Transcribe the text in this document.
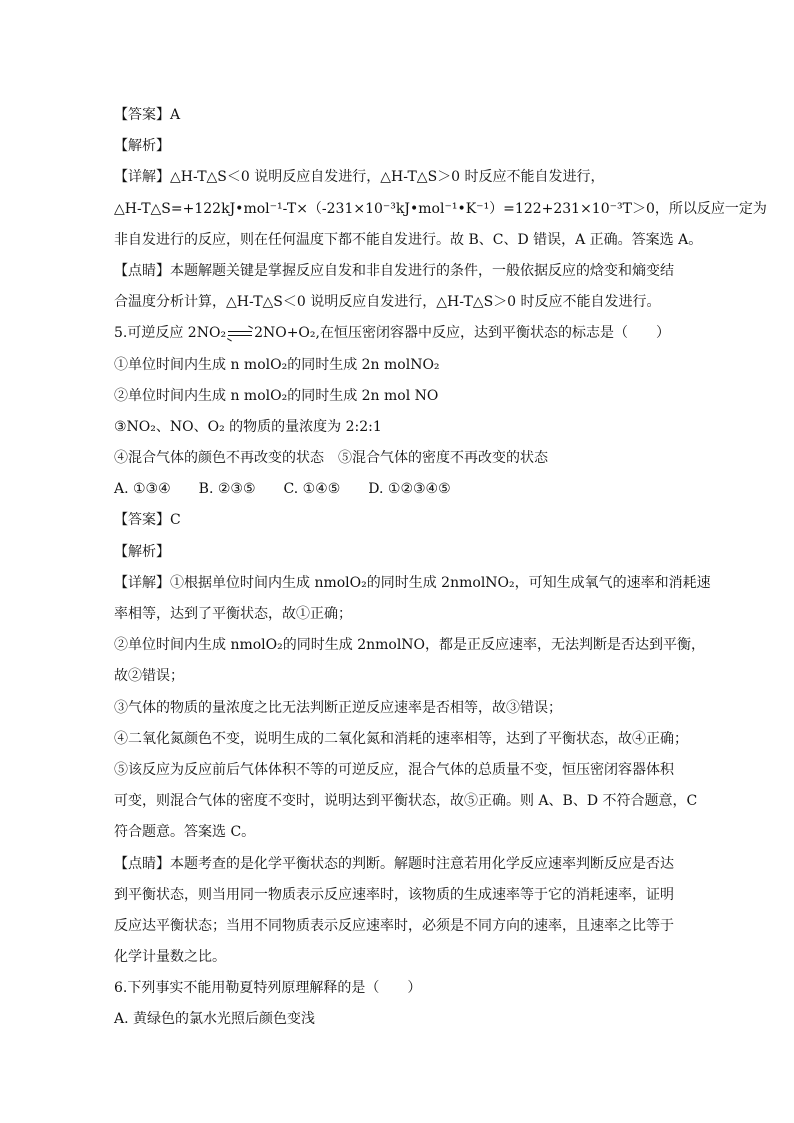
【答案】A
【解析】
【详解】△H-T△S＜0 说明反应自发进行，△H-T△S＞0 时反应不能自发进行，
△H-T△S=+122kJ•mol⁻¹-T×（-231×10⁻³kJ•mol⁻¹•K⁻¹）=122+231×10⁻³T＞0，所以反应一定为
非自发进行的反应，则在任何温度下都不能自发进行。故 B、C、D 错误，A 正确。答案选 A。
【点睛】本题解题关键是掌握反应自发和非自发进行的条件，一般依据反应的焓变和熵变结
合温度分析计算，△H-T△S＜0 说明反应自发进行，△H-T△S＞0 时反应不能自发进行。
5.可逆反应 2NO₂ → 2NO+O₂,在恒压密闭容器中反应，达到平衡状态的标志是（　　）
①单位时间内生成 n molO₂的同时生成 2n molNO₂
②单位时间内生成 n molO₂的同时生成 2n mol NO
③NO₂、NO、O₂ 的物质的量浓度为 2:2:1
④混合气体的颜色不再改变的状态　⑤混合气体的密度不再改变的状态
A. ①③④　　B. ②③⑤　　C. ①④⑤　　D. ①②③④⑤
【答案】C
【解析】
【详解】①根据单位时间内生成 nmolO₂的同时生成 2nmolNO₂，可知生成氧气的速率和消耗速
率相等，达到了平衡状态，故①正确；
②单位时间内生成 nmolO₂的同时生成 2nmolNO，都是正反应速率，无法判断是否达到平衡，
故②错误；
③气体的物质的量浓度之比无法判断正逆反应速率是否相等，故③错误；
④二氧化氮颜色不变，说明生成的二氧化氮和消耗的速率相等，达到了平衡状态，故④正确；
⑤该反应为反应前后气体体积不等的可逆反应，混合气体的总质量不变，恒压密闭容器体积
可变，则混合气体的密度不变时，说明达到平衡状态，故⑤正确。则 A、B、D 不符合题意，C
符合题意。答案选 C。
【点睛】本题考查的是化学平衡状态的判断。解题时注意若用化学反应速率判断反应是否达
到平衡状态，则当用同一物质表示反应速率时，该物质的生成速率等于它的消耗速率，证明
反应达平衡状态；当用不同物质表示反应速率时，必须是不同方向的速率，且速率之比等于
化学计量数之比。
6.下列事实不能用勒夏特列原理解释的是（　　）
A. 黄绿色的氯水光照后颜色变浅
